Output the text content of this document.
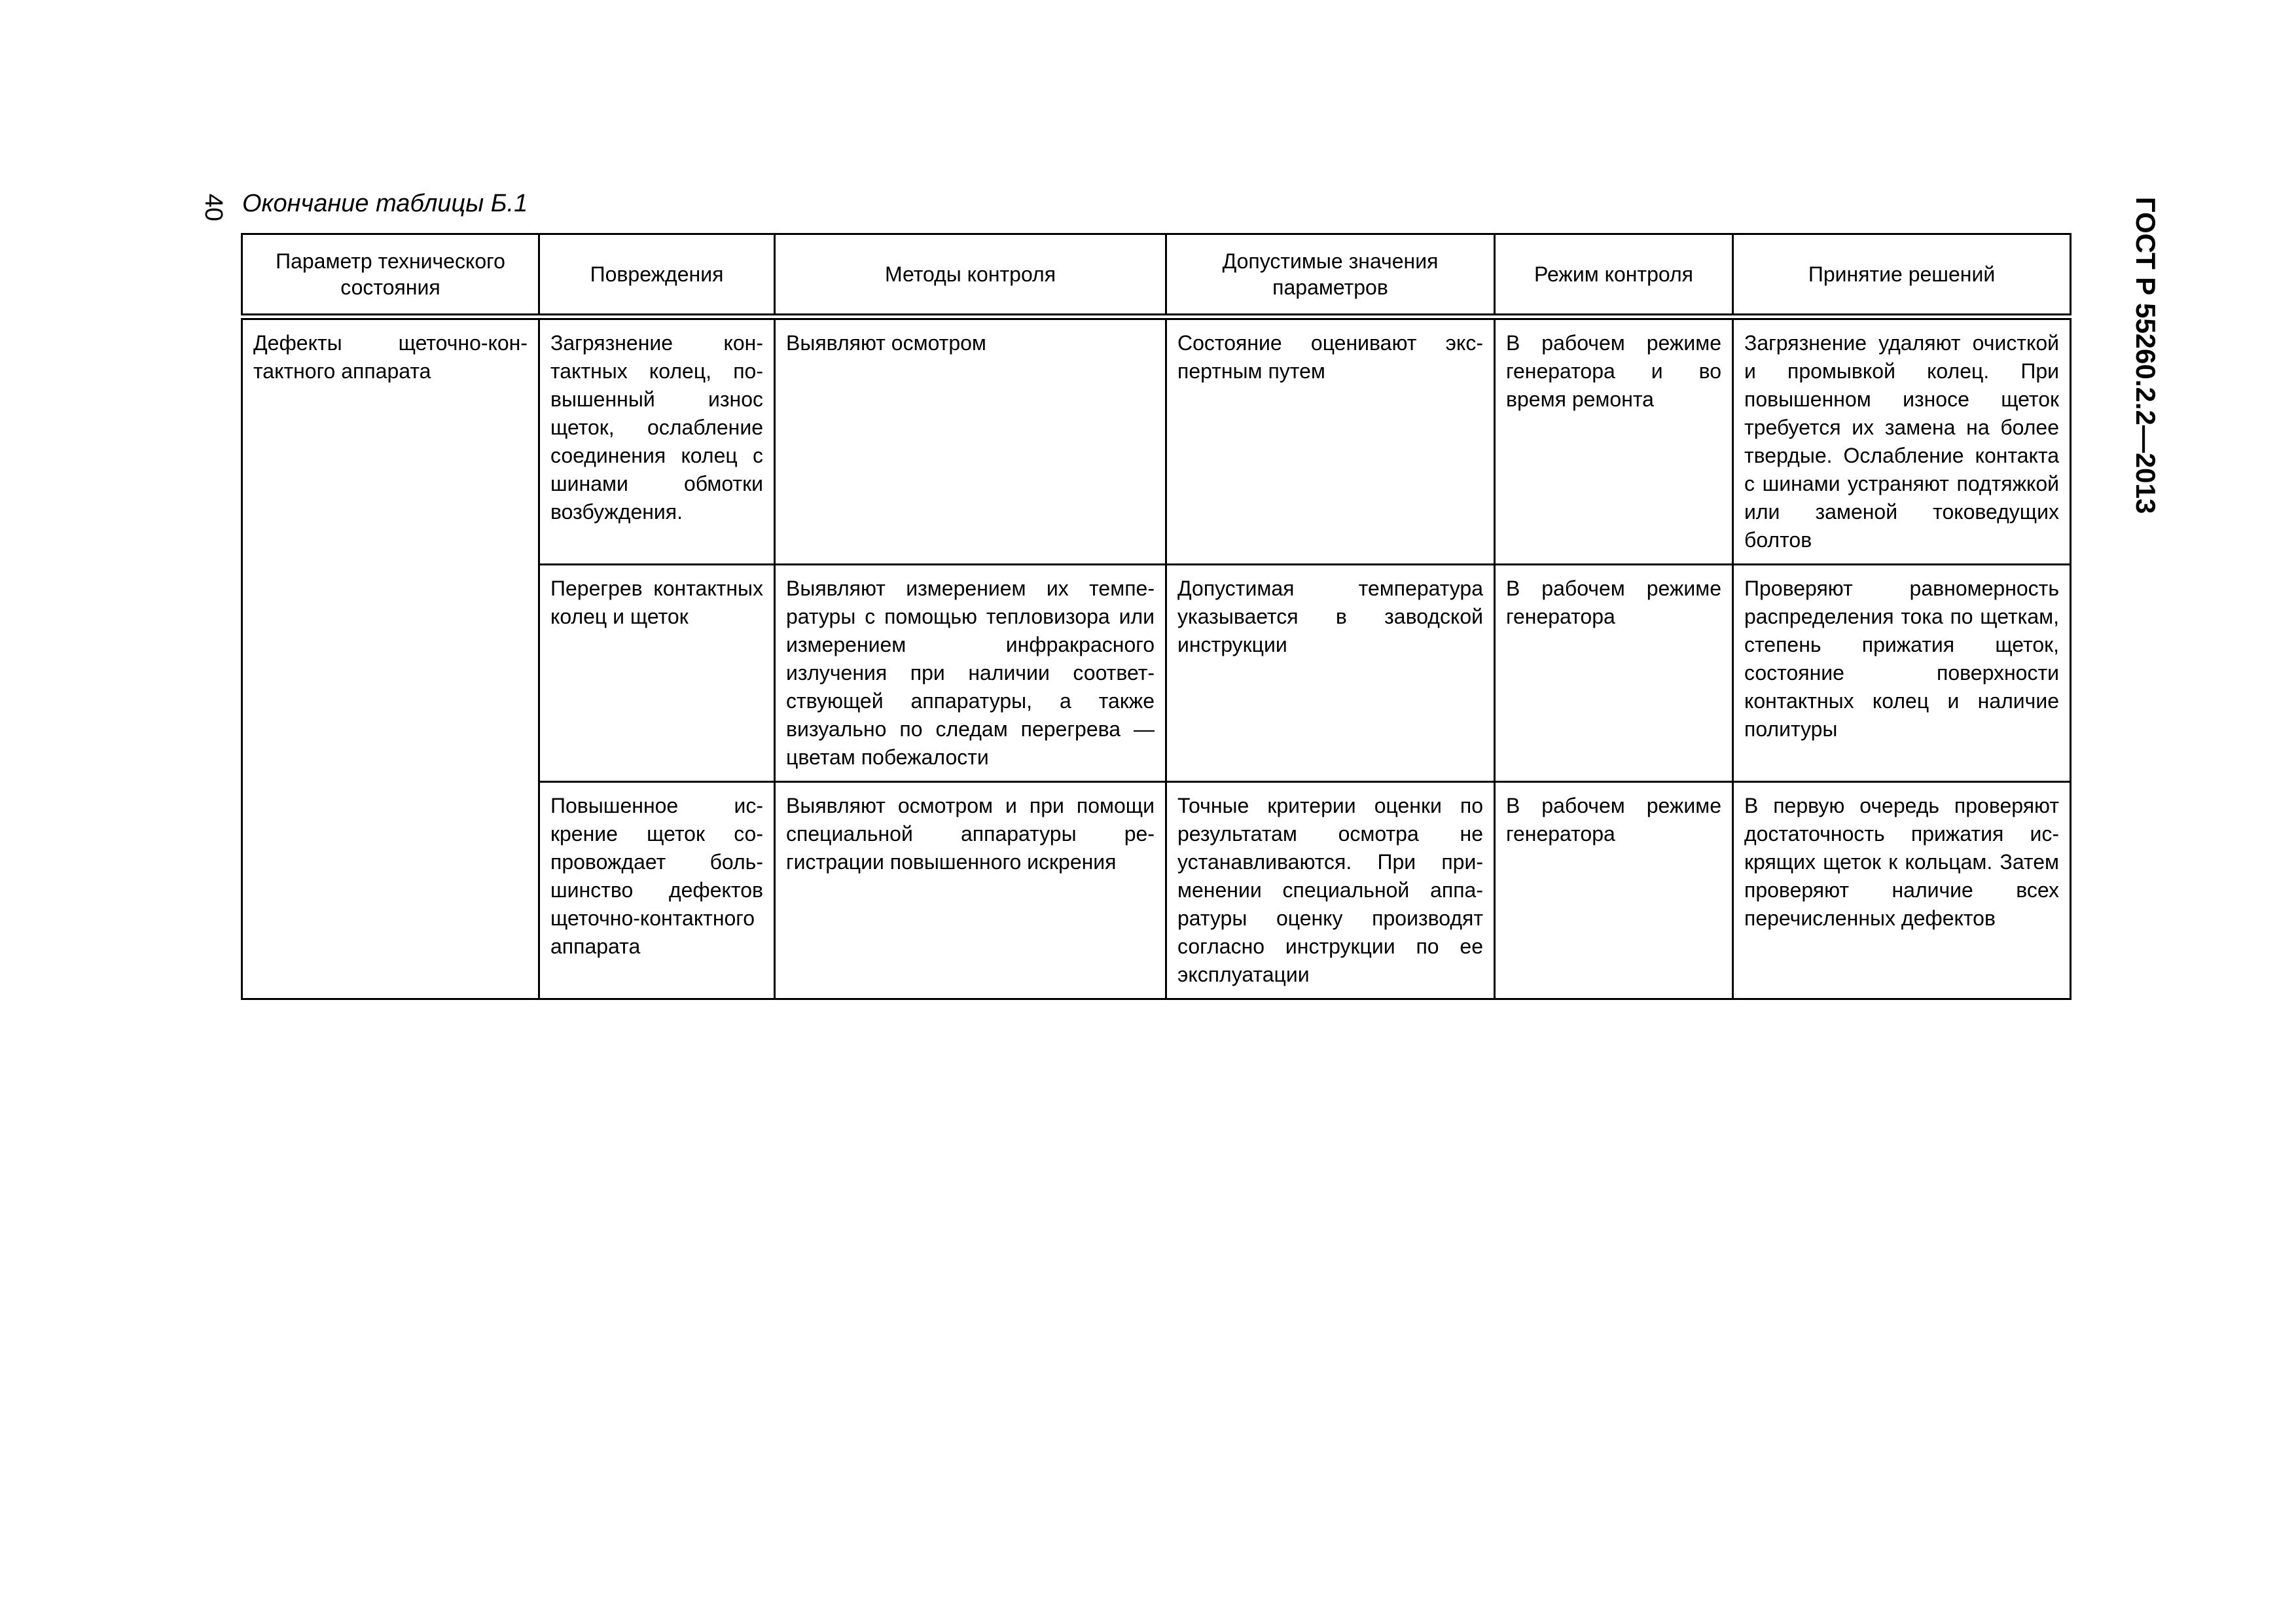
40 Окончание таблицы Б.1	ГОСТ Р 55260.2.2—2013
Параметр технического состояния	Повреждения	Методы контроля	Допустимые значения параметров	Режим контроля	Принятие решений
Дефекты щеточно-контактного аппарата	Загрязнение контактных колец, повышенный износ щеток, ослабление соединения колец с шинами обмотки возбуждения.	Выявляют осмотром	Состояние оценивают экспертным путем	В рабочем режиме генератора и во время ремонта	Загрязнение удаляют очисткой и промывкой колец. При повышенном износе щеток требуется их замена на более твердые. Ослабление контакта с шинами устраняют подтяжкой или заменой токоведущих болтов
	Перегрев контактных колец и щеток	Выявляют измерением их температуры с помощью тепловизора или измерением инфракрасного излучения при наличии соответствующей аппаратуры, а также визуально по следам перегрева — цветам побежалости	Допустимая температура указывается в заводской инструкции	В рабочем режиме генератора	Проверяют равномерность распределения тока по щеткам, степень прижатия щеток, состояние поверхности контактных колец и наличие политуры
	Повышенное искрение щеток сопровождает большинство дефектов щеточно-контактного аппарата	Выявляют осмотром и при помощи специальной аппаратуры регистрации повышенного искрения	Точные критерии оценки по результатам осмотра не устанавливаются. При применении специальной аппаратуры оценку производят согласно инструкции по ее эксплуатации	В рабочем режиме генератора	В первую очередь проверяют достаточность прижатия искрящих щеток к кольцам. Затем проверяют наличие всех перечисленных дефектов
